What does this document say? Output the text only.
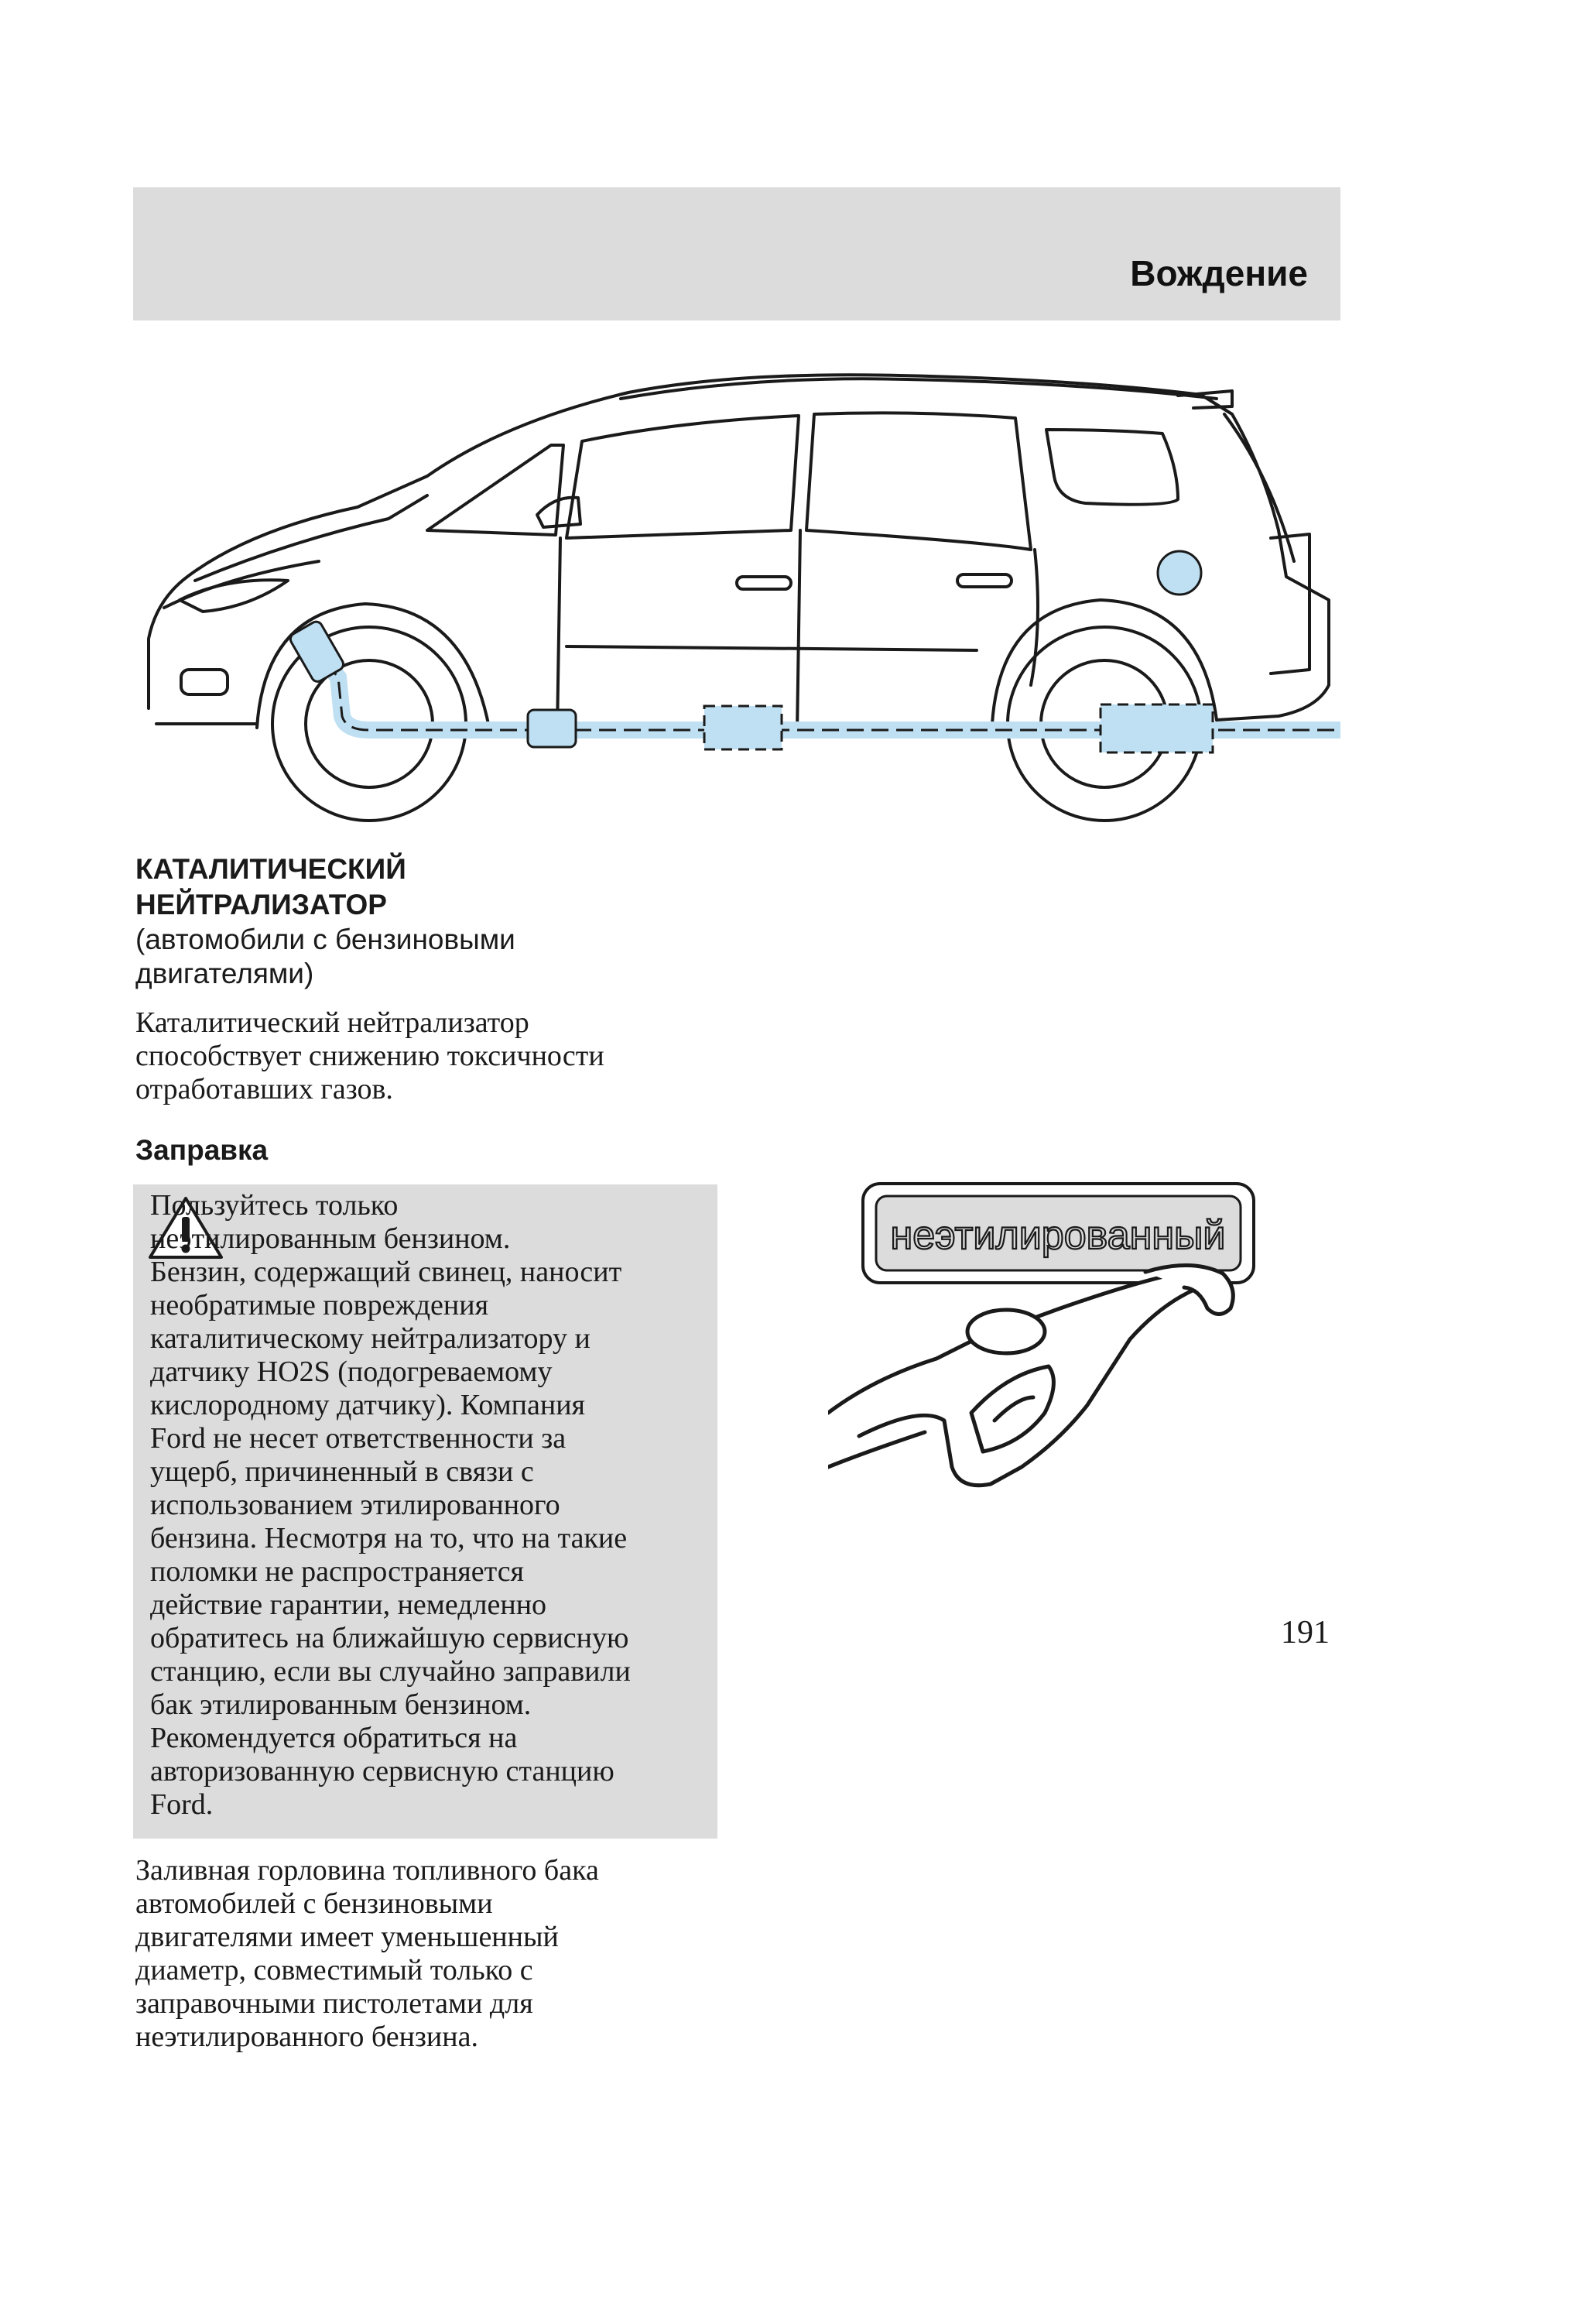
Вождение
КАТАЛИТИЧЕСКИЙ
НЕЙТРАЛИЗАТОР
(автомобили с бензиновыми
двигателями)
Каталитический нейтрализатор
способствует снижению токсичности
отработавших газов.
Заправка
Пользуйтесь только
неэтилированным бензином.
Бензин, содержащий свинец, наносит
необратимые повреждения
каталитическому нейтрализатору и
датчику HO2S (подогреваемому
кислородному датчику). Компания
Ford не несет ответственности за
ущерб, причиненный в связи с
использованием этилированного
бензина. Несмотря на то, что на такие
поломки не распространяется
действие гарантии, немедленно
обратитесь на ближайшую сервисную
станцию, если вы случайно заправили
бак этилированным бензином.
Рекомендуется обратиться на
авторизованную сервисную станцию
Ford.
Заливная горловина топливного бака
автомобилей с бензиновыми
двигателями имеет уменьшенный
диаметр, совместимый только с
заправочными пистолетами для
неэтилированного бензина.
неэтилированный
191
